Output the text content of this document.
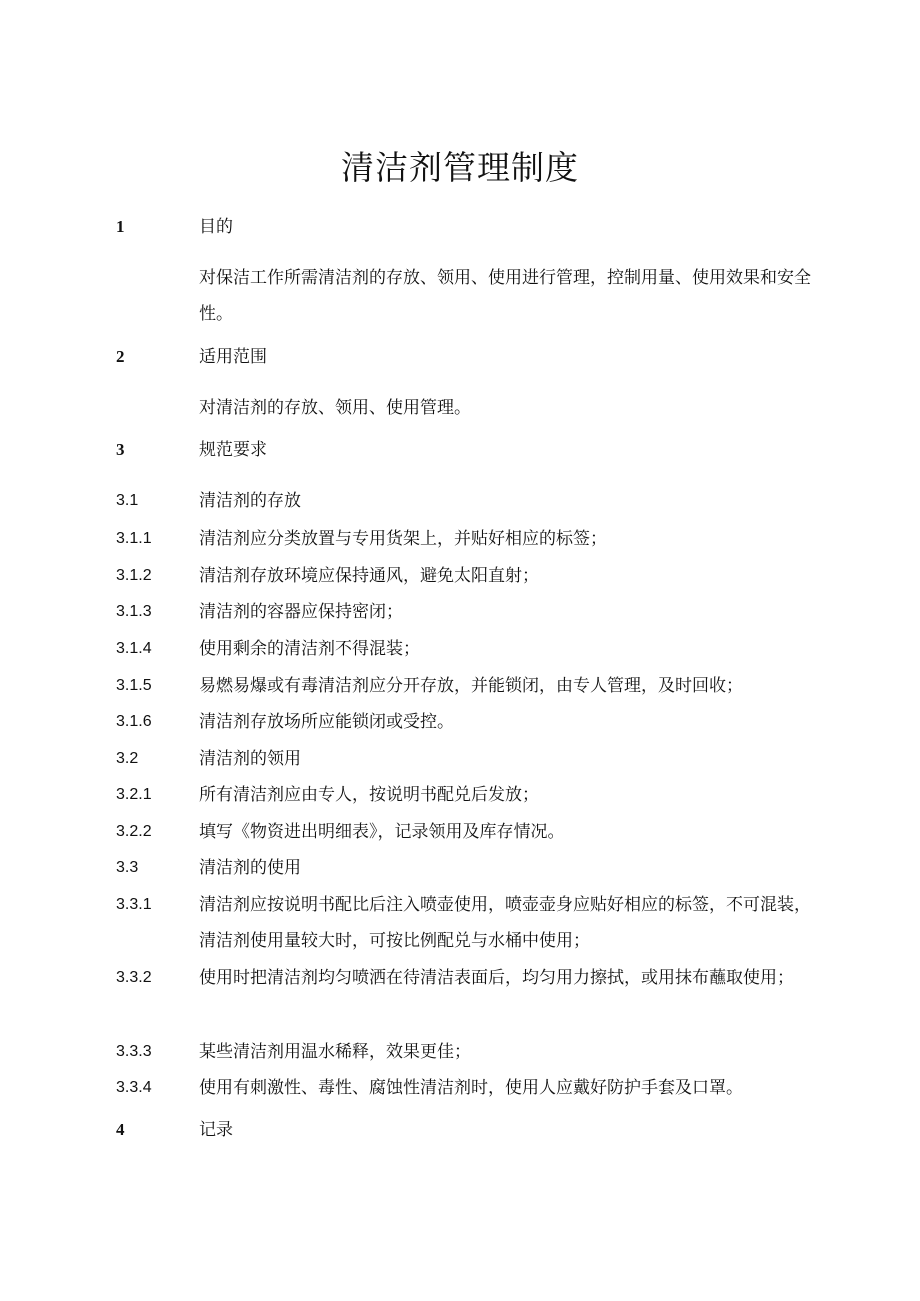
清洁剂管理制度
1	目的
对保洁工作所需清洁剂的存放、领用、使用进行管理，控制用量、使用效果和安全性。
2	适用范围
对清洁剂的存放、领用、使用管理。
3	规范要求
3.1	清洁剂的存放
3.1.1	清洁剂应分类放置与专用货架上，并贴好相应的标签；
3.1.2	清洁剂存放环境应保持通风，避免太阳直射；
3.1.3	清洁剂的容器应保持密闭；
3.1.4	使用剩余的清洁剂不得混装；
3.1.5	易燃易爆或有毒清洁剂应分开存放，并能锁闭，由专人管理，及时回收；
3.1.6	清洁剂存放场所应能锁闭或受控。
3.2	清洁剂的领用
3.2.1	所有清洁剂应由专人，按说明书配兑后发放；
3.2.2	填写《物资进出明细表》，记录领用及库存情况。
3.3	清洁剂的使用
3.3.1	清洁剂应按说明书配比后注入喷壶使用，喷壶壶身应贴好相应的标签，不可混装，清洁剂使用量较大时，可按比例配兑与水桶中使用；
3.3.2	使用时把清洁剂均匀喷洒在待清洁表面后，均匀用力擦拭，或用抹布蘸取使用；
3.3.3	某些清洁剂用温水稀释，效果更佳；
3.3.4	使用有刺激性、毒性、腐蚀性清洁剂时，使用人应戴好防护手套及口罩。
4	记录
